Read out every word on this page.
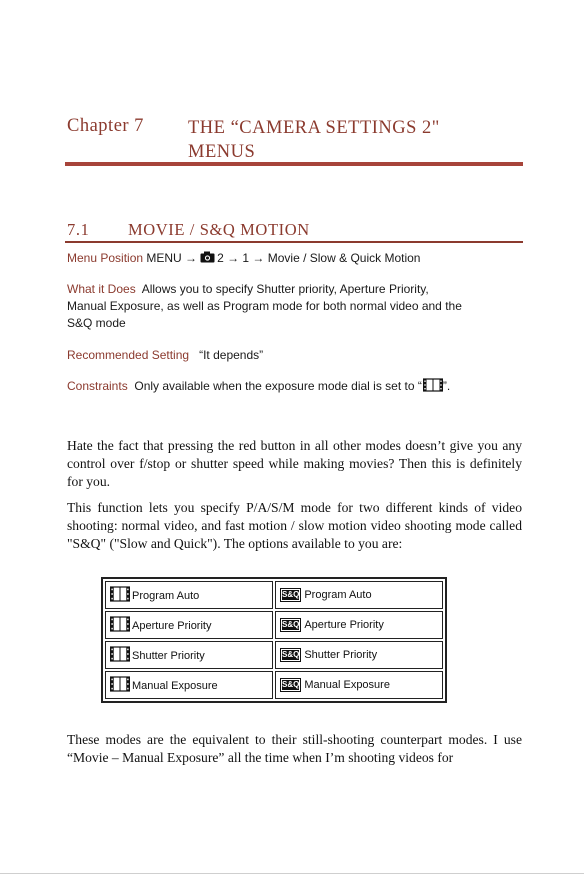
Chapter 7 THE “CAMERA SETTINGS 2"
MENUS
7.1 MOVIE / S&Q MOTION
Menu Position MENU → 2 → 1 → Movie / Slow & Quick Motion
What it Does Allows you to specify Shutter priority, Aperture Priority,
Manual Exposure, as well as Program mode for both normal video and the
S&Q mode
Recommended Setting “It depends”
Constraints Only available when the exposure mode dial is set to “ ”.

Hate the fact that pressing the red button in all other modes doesn’t give you any control over f/stop or shutter speed while making movies? Then this is definitely for you.

This function lets you specify P/A/S/M mode for two different kinds of video shooting: normal video, and fast motion / slow motion video shooting mode called "S&Q" ("Slow and Quick"). The options available to you are:

Program Auto	S&Q Program Auto
Aperture Priority	S&Q Aperture Priority
Shutter Priority	S&Q Shutter Priority
Manual Exposure	S&Q Manual Exposure

These modes are the equivalent to their still-shooting counterpart modes. I use “Movie – Manual Exposure” all the time when I’m shooting videos for
